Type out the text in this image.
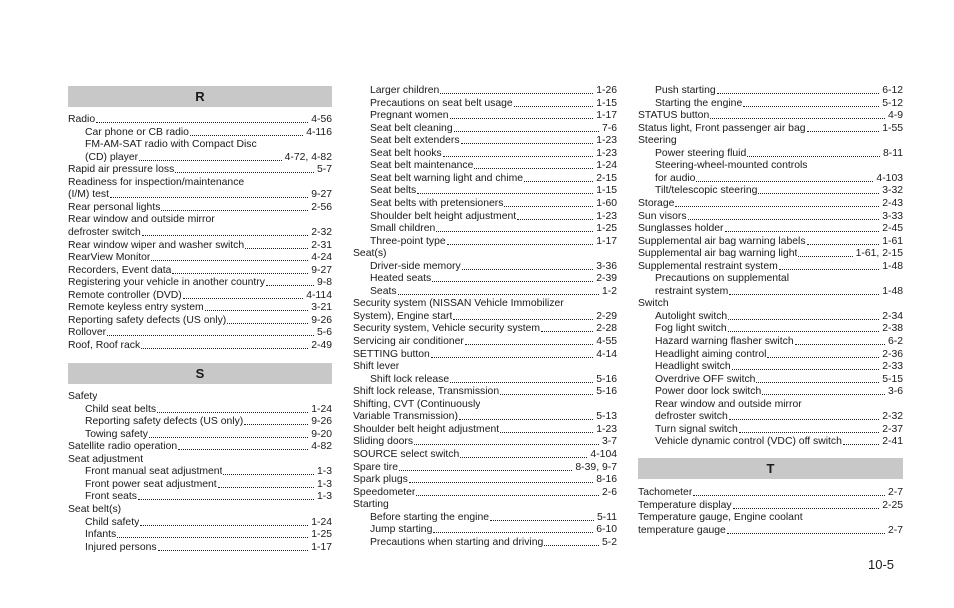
R
Radio	4-56
Car phone or CB radio	4-116
FM-AM-SAT radio with Compact Disc
(CD) player	4-72, 4-82
Rapid air pressure loss	5-7
Readiness for inspection/maintenance
(I/M) test	9-27
Rear personal lights	2-56
Rear window and outside mirror
defroster switch	2-32
Rear window wiper and washer switch	2-31
RearView Monitor	4-24
Recorders, Event data	9-27
Registering your vehicle in another country	9-8
Remote controller (DVD)	4-114
Remote keyless entry system	3-21
Reporting safety defects (US only)	9-26
Rollover	5-6
Roof, Roof rack	2-49
S
Safety
Child seat belts	1-24
Reporting safety defects (US only)	9-26
Towing safety	9-20
Satellite radio operation	4-82
Seat adjustment
Front manual seat adjustment	1-3
Front power seat adjustment	1-3
Front seats	1-3
Seat belt(s)
Child safety	1-24
Infants	1-25
Injured persons	1-17
Larger children	1-26
Precautions on seat belt usage	1-15
Pregnant women	1-17
Seat belt cleaning	7-6
Seat belt extenders	1-23
Seat belt hooks	1-23
Seat belt maintenance	1-24
Seat belt warning light and chime	2-15
Seat belts	1-15
Seat belts with pretensioners	1-60
Shoulder belt height adjustment	1-23
Small children	1-25
Three-point type	1-17
Seat(s)
Driver-side memory	3-36
Heated seats	2-39
Seats	1-2
Security system (NISSAN Vehicle Immobilizer
System), Engine start	2-29
Security system, Vehicle security system	2-28
Servicing air conditioner	4-55
SETTING button	4-14
Shift lever
Shift lock release	5-16
Shift lock release, Transmission	5-16
Shifting, CVT (Continuously
Variable Transmission)	5-13
Shoulder belt height adjustment	1-23
Sliding doors	3-7
SOURCE select switch	4-104
Spare tire	8-39, 9-7
Spark plugs	8-16
Speedometer	2-6
Starting
Before starting the engine	5-11
Jump starting	6-10
Precautions when starting and driving	5-2
Push starting	6-12
Starting the engine	5-12
STATUS button	4-9
Status light, Front passenger air bag	1-55
Steering
Power steering fluid	8-11
Steering-wheel-mounted controls
for audio	4-103
Tilt/telescopic steering	3-32
Storage	2-43
Sun visors	3-33
Sunglasses holder	2-45
Supplemental air bag warning labels	1-61
Supplemental air bag warning light	1-61, 2-15
Supplemental restraint system	1-48
Precautions on supplemental
restraint system	1-48
Switch
Autolight switch	2-34
Fog light switch	2-38
Hazard warning flasher switch	6-2
Headlight aiming control	2-36
Headlight switch	2-33
Overdrive OFF switch	5-15
Power door lock switch	3-6
Rear window and outside mirror
defroster switch	2-32
Turn signal switch	2-37
Vehicle dynamic control (VDC) off switch	2-41
T
Tachometer	2-7
Temperature display	2-25
Temperature gauge, Engine coolant
temperature gauge	2-7
10-5
